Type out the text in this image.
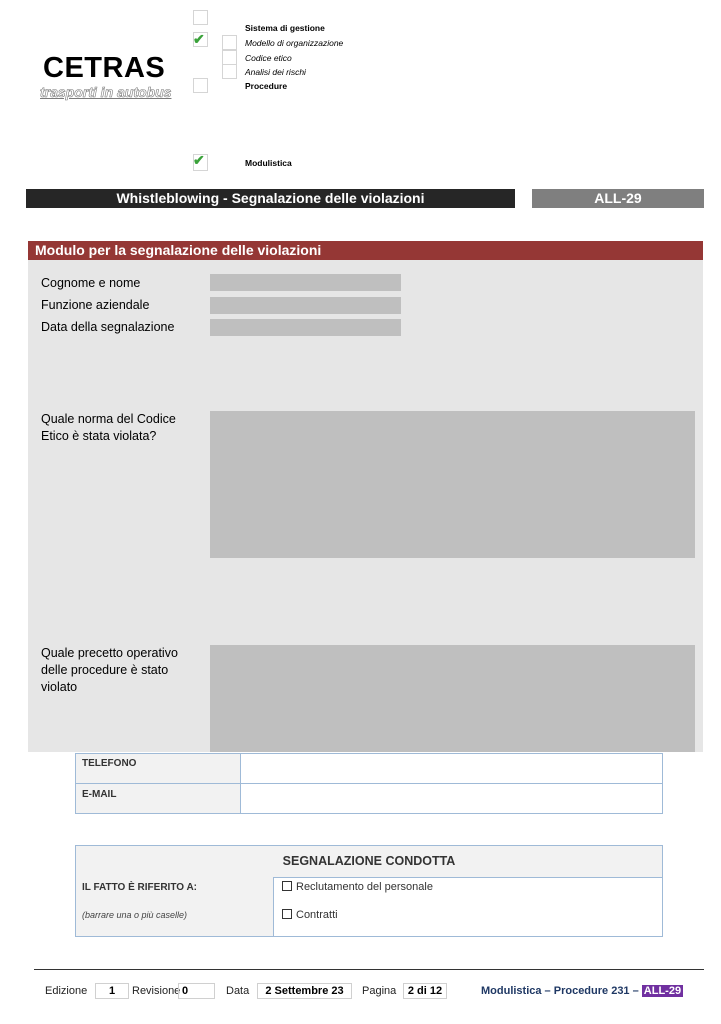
CETRAS
trasporti in autobus
✔
Sistema di gestione
Modello di organizzazione
Codice etico
Analisi dei rischi
Procedure
✔	Modulistica
Whistleblowing - Segnalazione delle violazioni	ALL-29
Modulo per la segnalazione delle violazioni
Cognome e nome
Funzione aziendale
Data della segnalazione
Quale norma del Codice Etico è stata violata?
Quale precetto operativo delle procedure è stato violato
TELEFONO
E-MAIL
SEGNALAZIONE CONDOTTA
IL FATTO È RIFERITO A:
(barrare una o più caselle)
Reclutamento del personale
Contratti
Edizione	1	Revisione 0	Data	2 Settembre 23	Pagina	2 di 12	Modulistica – Procedure 231 – ALL-29
